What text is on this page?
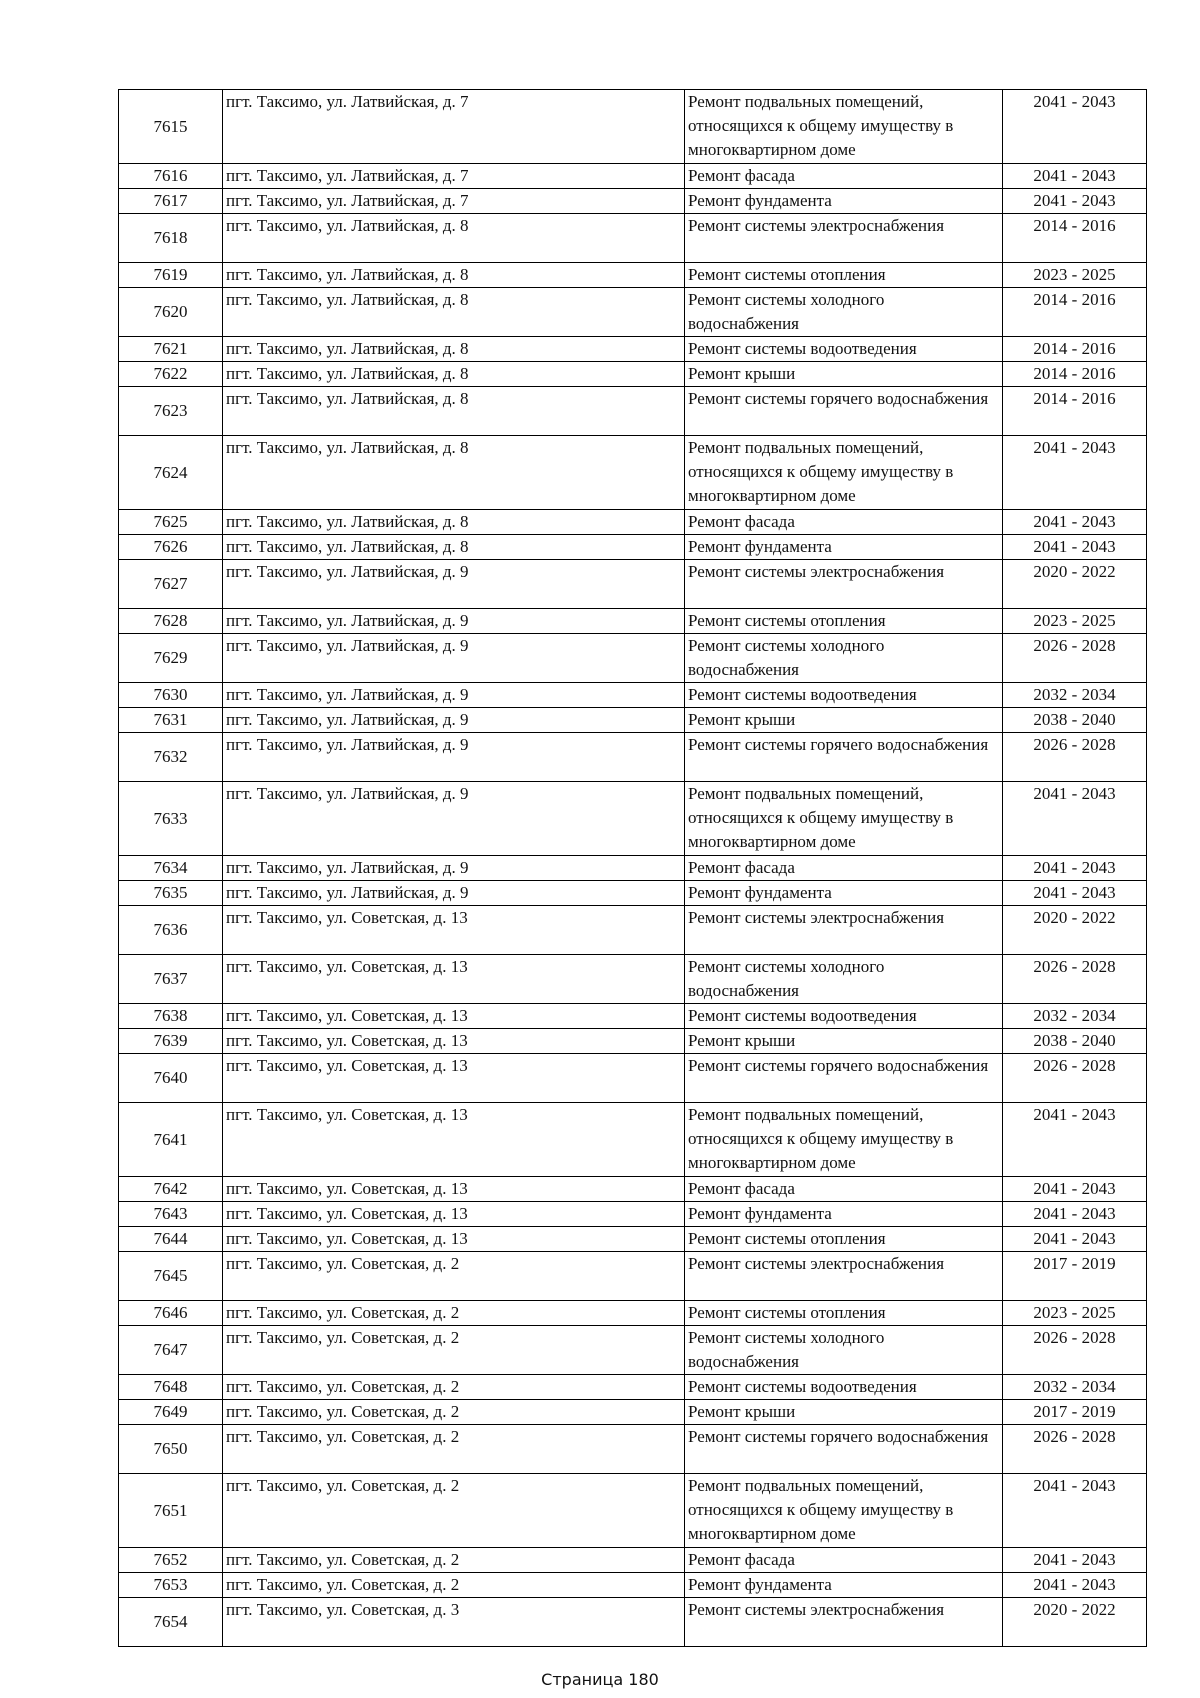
7615	пгт. Таксимо, ул. Латвийская, д. 7	Ремонт подвальных помещений, относящихся к общему имуществу в многоквартирном доме	2041 - 2043
7616	пгт. Таксимо, ул. Латвийская, д. 7	Ремонт фасада	2041 - 2043
7617	пгт. Таксимо, ул. Латвийская, д. 7	Ремонт фундамента	2041 - 2043
7618	пгт. Таксимо, ул. Латвийская, д. 8	Ремонт системы электроснабжения	2014 - 2016
7619	пгт. Таксимо, ул. Латвийская, д. 8	Ремонт системы отопления	2023 - 2025
7620	пгт. Таксимо, ул. Латвийская, д. 8	Ремонт системы холодного водоснабжения	2014 - 2016
7621	пгт. Таксимо, ул. Латвийская, д. 8	Ремонт системы водоотведения	2014 - 2016
7622	пгт. Таксимо, ул. Латвийская, д. 8	Ремонт крыши	2014 - 2016
7623	пгт. Таксимо, ул. Латвийская, д. 8	Ремонт системы горячего водоснабжения	2014 - 2016
7624	пгт. Таксимо, ул. Латвийская, д. 8	Ремонт подвальных помещений, относящихся к общему имуществу в многоквартирном доме	2041 - 2043
7625	пгт. Таксимо, ул. Латвийская, д. 8	Ремонт фасада	2041 - 2043
7626	пгт. Таксимо, ул. Латвийская, д. 8	Ремонт фундамента	2041 - 2043
7627	пгт. Таксимо, ул. Латвийская, д. 9	Ремонт системы электроснабжения	2020 - 2022
7628	пгт. Таксимо, ул. Латвийская, д. 9	Ремонт системы отопления	2023 - 2025
7629	пгт. Таксимо, ул. Латвийская, д. 9	Ремонт системы холодного водоснабжения	2026 - 2028
7630	пгт. Таксимо, ул. Латвийская, д. 9	Ремонт системы водоотведения	2032 - 2034
7631	пгт. Таксимо, ул. Латвийская, д. 9	Ремонт крыши	2038 - 2040
7632	пгт. Таксимо, ул. Латвийская, д. 9	Ремонт системы горячего водоснабжения	2026 - 2028
7633	пгт. Таксимо, ул. Латвийская, д. 9	Ремонт подвальных помещений, относящихся к общему имуществу в многоквартирном доме	2041 - 2043
7634	пгт. Таксимо, ул. Латвийская, д. 9	Ремонт фасада	2041 - 2043
7635	пгт. Таксимо, ул. Латвийская, д. 9	Ремонт фундамента	2041 - 2043
7636	пгт. Таксимо, ул. Советская, д. 13	Ремонт системы электроснабжения	2020 - 2022
7637	пгт. Таксимо, ул. Советская, д. 13	Ремонт системы холодного водоснабжения	2026 - 2028
7638	пгт. Таксимо, ул. Советская, д. 13	Ремонт системы водоотведения	2032 - 2034
7639	пгт. Таксимо, ул. Советская, д. 13	Ремонт крыши	2038 - 2040
7640	пгт. Таксимо, ул. Советская, д. 13	Ремонт системы горячего водоснабжения	2026 - 2028
7641	пгт. Таксимо, ул. Советская, д. 13	Ремонт подвальных помещений, относящихся к общему имуществу в многоквартирном доме	2041 - 2043
7642	пгт. Таксимо, ул. Советская, д. 13	Ремонт фасада	2041 - 2043
7643	пгт. Таксимо, ул. Советская, д. 13	Ремонт фундамента	2041 - 2043
7644	пгт. Таксимо, ул. Советская, д. 13	Ремонт системы отопления	2041 - 2043
7645	пгт. Таксимо, ул. Советская, д. 2	Ремонт системы электроснабжения	2017 - 2019
7646	пгт. Таксимо, ул. Советская, д. 2	Ремонт системы отопления	2023 - 2025
7647	пгт. Таксимо, ул. Советская, д. 2	Ремонт системы холодного водоснабжения	2026 - 2028
7648	пгт. Таксимо, ул. Советская, д. 2	Ремонт системы водоотведения	2032 - 2034
7649	пгт. Таксимо, ул. Советская, д. 2	Ремонт крыши	2017 - 2019
7650	пгт. Таксимо, ул. Советская, д. 2	Ремонт системы горячего водоснабжения	2026 - 2028
7651	пгт. Таксимо, ул. Советская, д. 2	Ремонт подвальных помещений, относящихся к общему имуществу в многоквартирном доме	2041 - 2043
7652	пгт. Таксимо, ул. Советская, д. 2	Ремонт фасада	2041 - 2043
7653	пгт. Таксимо, ул. Советская, д. 2	Ремонт фундамента	2041 - 2043
7654	пгт. Таксимо, ул. Советская, д. 3	Ремонт системы электроснабжения	2020 - 2022
Страница 180
